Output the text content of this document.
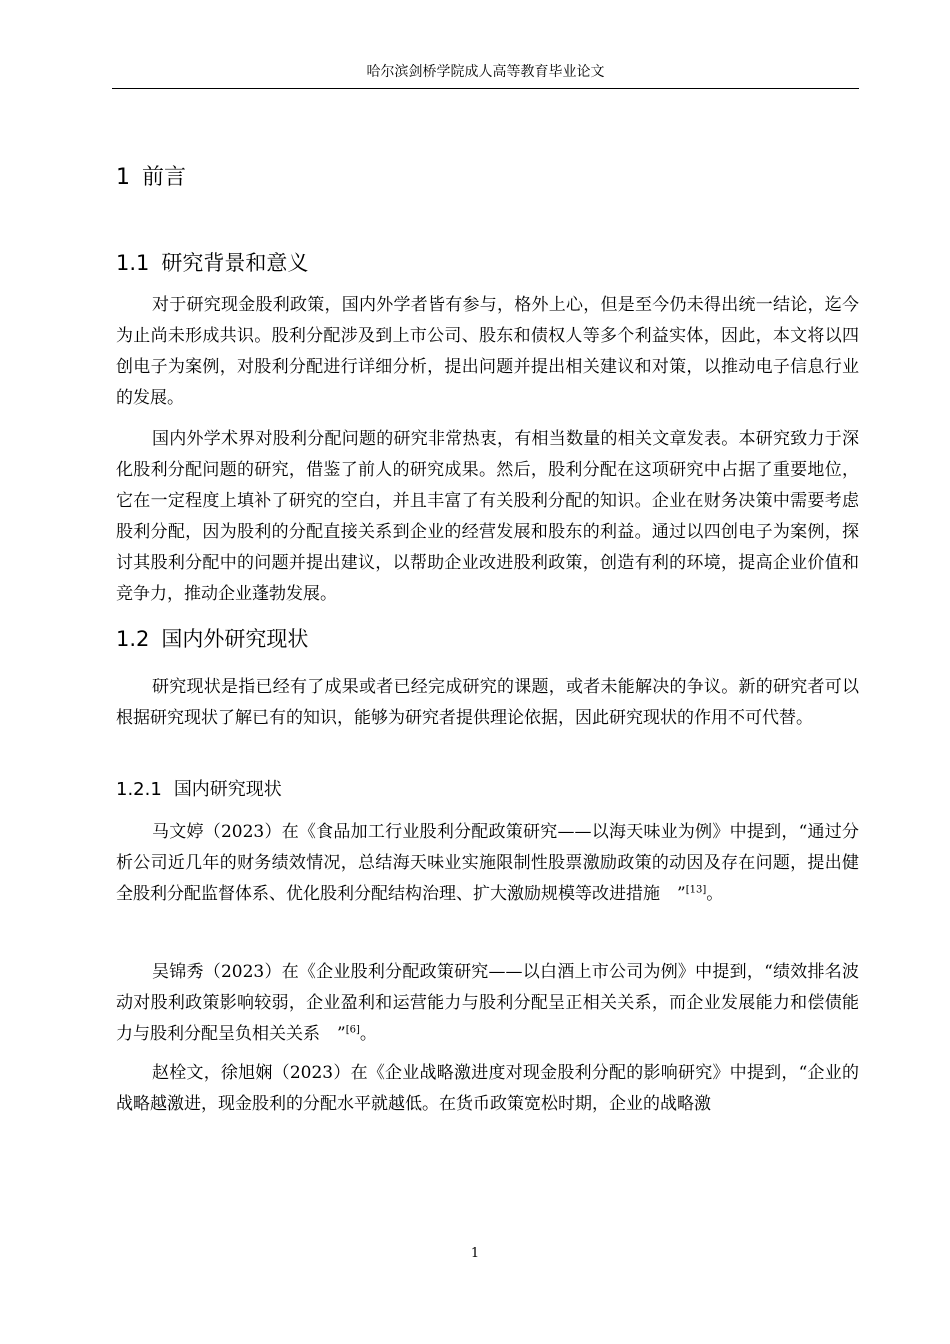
哈尔滨剑桥学院成人高等教育毕业论文
1 前言
1.1 研究背景和意义

对于研究现金股利政策，国内外学者皆有参与，格外上心，但是至今仍未得出统一结论，迄今为止尚未形成共识。股利分配涉及到上市公司、股东和债权人等多个利益实体，因此，本文将以四创电子为案例，对股利分配进行详细分析，提出问题并提出相关建议和对策，以推动电子信息行业的发展。

国内外学术界对股利分配问题的研究非常热衷，有相当数量的相关文章发表。本研究致力于深化股利分配问题的研究，借鉴了前人的研究成果。然后，股利分配在这项研究中占据了重要地位，它在一定程度上填补了研究的空白，并且丰富了有关股利分配的知识。企业在财务决策中需要考虑股利分配，因为股利的分配直接关系到企业的经营发展和股东的利益。通过以四创电子为案例，探讨其股利分配中的问题并提出建议，以帮助企业改进股利政策，创造有利的环境，提高企业价值和竞争力，推动企业蓬勃发展。

1.2 国内外研究现状

研究现状是指已经有了成果或者已经完成研究的课题，或者未能解决的争议。新的研究者可以根据研究现状了解已有的知识，能够为研究者提供理论依据，因此研究现状的作用不可代替。

1.2.1 国内研究现状

马文婷（2023）在《食品加工行业股利分配政策研究——以海天味业为例》中提到，“通过分析公司近几年的财务绩效情况，总结海天味业实施限制性股票激励政策的动因及存在问题，提出健全股利分配监督体系、优化股利分配结构治理、扩大激励规模等改进措施　”[13]。

吴锦秀（2023）在《企业股利分配政策研究——以白酒上市公司为例》中提到，“绩效排名波动对股利政策影响较弱，企业盈利和运营能力与股利分配呈正相关关系，而企业发展能力和偿债能力与股利分配呈负相关关系　”[6]。

赵栓文，徐旭娴（2023）在《企业战略激进度对现金股利分配的影响研究》中提到，“企业的战略越激进，现金股利的分配水平就越低。在货币政策宽松时期，企业的战略激

1
